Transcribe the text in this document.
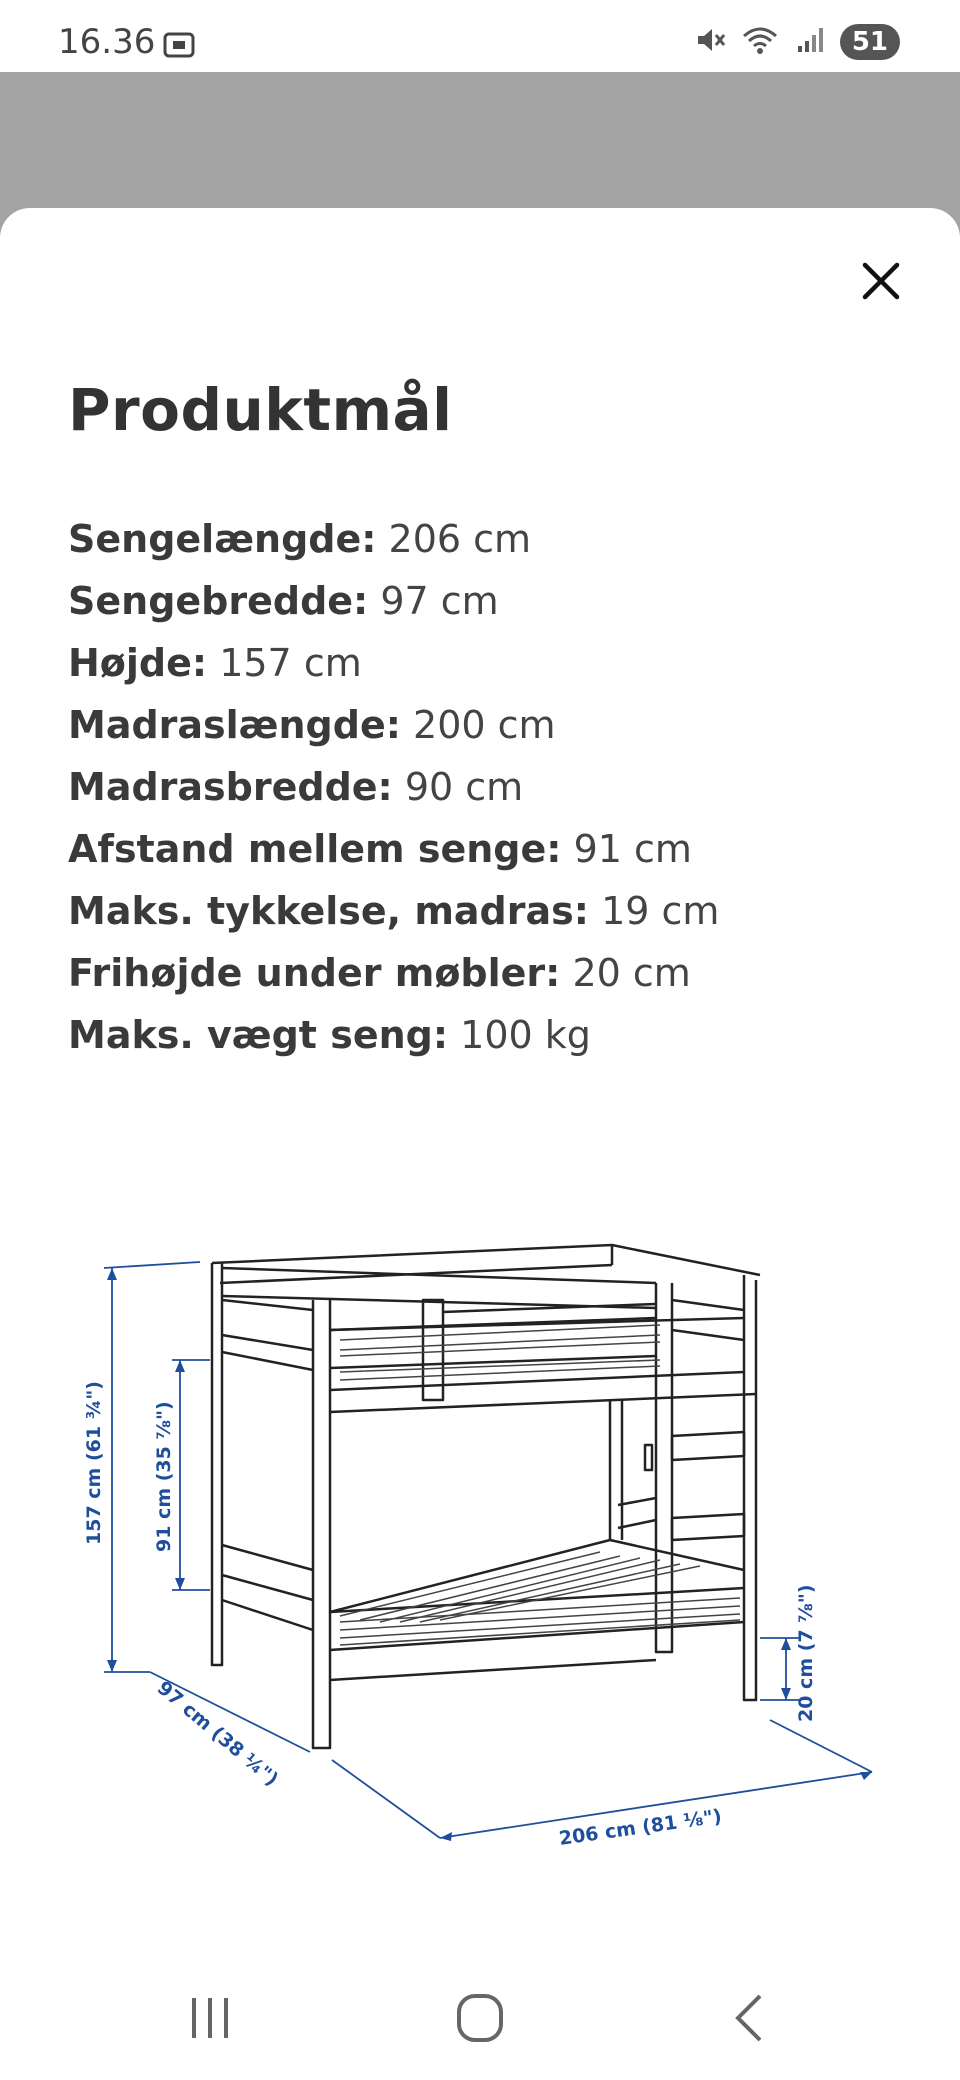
16.36	51
Produktmål
Sengelængde: 206 cm
Sengebredde: 97 cm
Højde: 157 cm
Madraslængde: 200 cm
Madrasbredde: 90 cm
Afstand mellem senge: 91 cm
Maks. tykkelse, madras: 19 cm
Frihøjde under møbler: 20 cm
Maks. vægt seng: 100 kg
157 cm (61 ¾")	91 cm (35 ⅞")
97 cm (38 ¼")
206 cm (81 ⅛")
20 cm (7 ⅞")
